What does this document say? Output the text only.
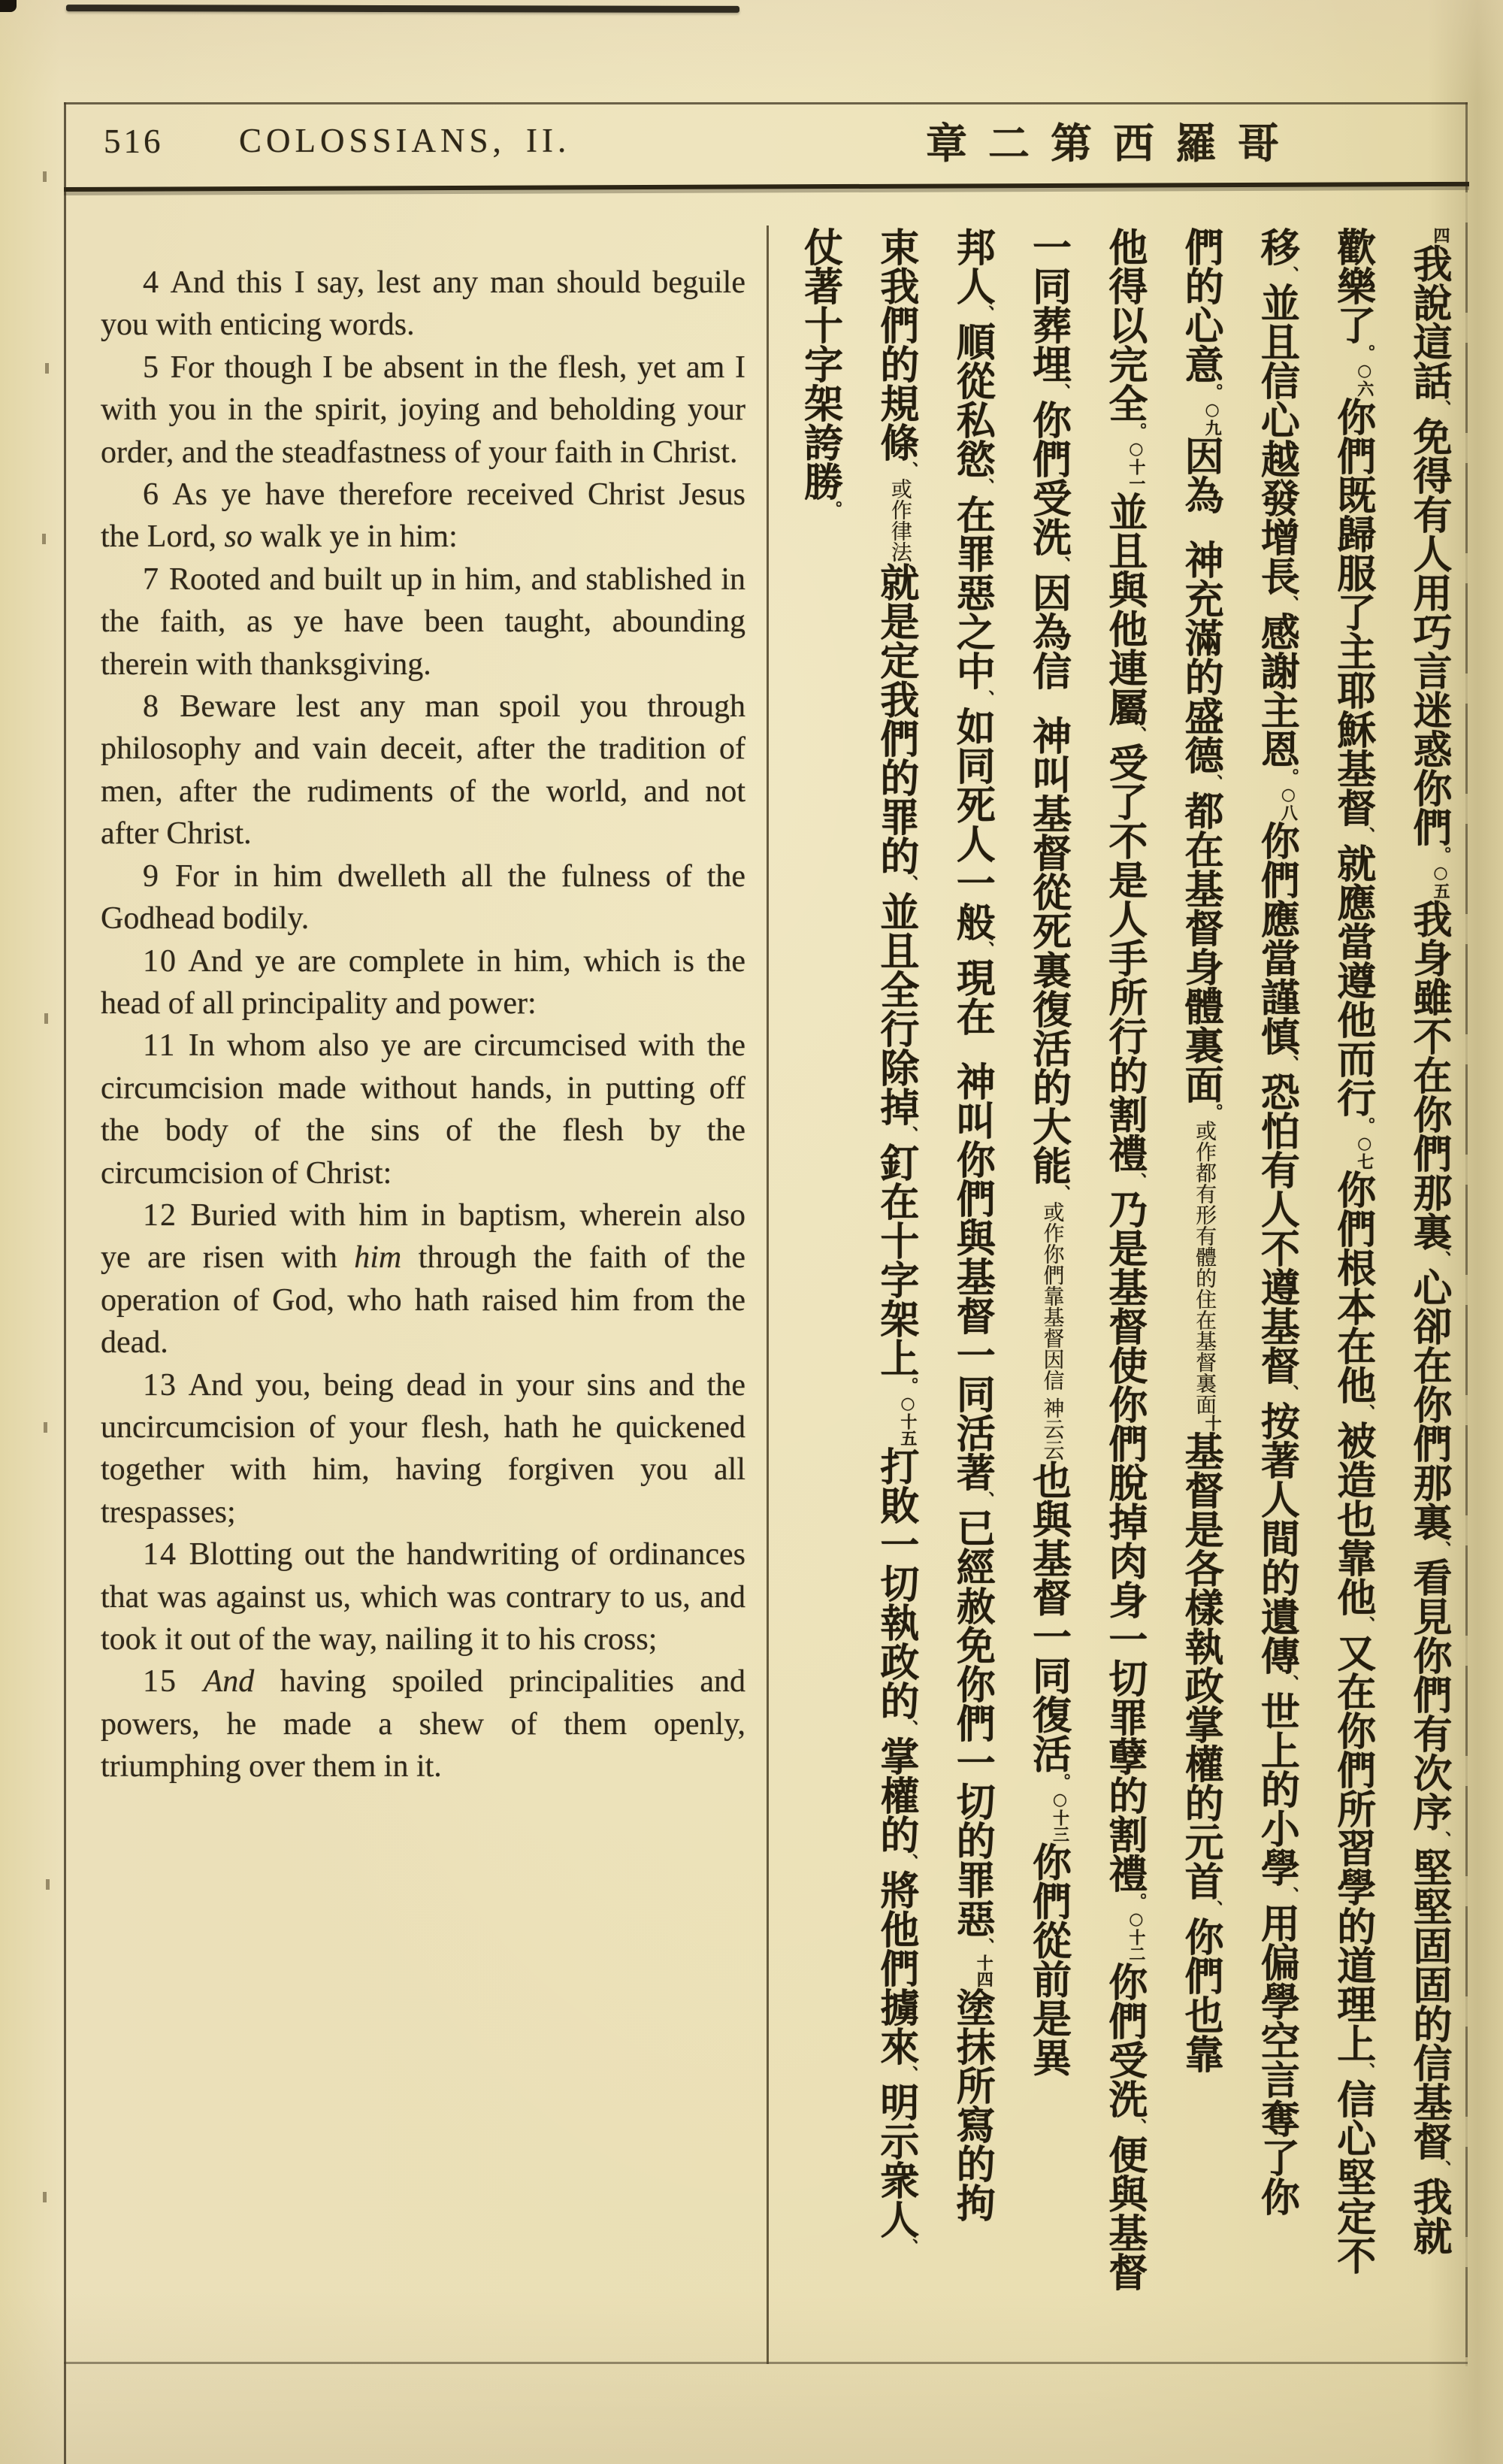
516 COLOSSIANS, II.	章二第西羅哥

4 And this I say, lest any man should beguile you with enticing words.

5 For though I be absent in the flesh, yet am I with you in the spirit, joying and beholding your order, and the steadfastness of your faith in Christ.

6 As ye have therefore received Christ Jesus the Lord, so walk ye in him:

7 Rooted and built up in him, and stablished in the faith, as ye have been taught, abounding therein with thanksgiving.

8 Beware lest any man spoil you through philosophy and vain deceit, after the tradition of men, after the rudiments of the world, and not after Christ.

9 For in him dwelleth all the fulness of the Godhead bodily.

10 And ye are complete in him, which is the head of all principality and power:

11 In whom also ye are circumcised with the circumcision made without hands, in putting off the body of the sins of the flesh by the circumcision of Christ:

12 Buried with him in baptism, wherein also ye are risen with him through the faith of the operation of God, who hath raised him from the dead.

13 And you, being dead in your sins and the uncircumcision of your flesh, hath he quickened together with him, having forgiven you all trespasses;

14 Blotting out the handwriting of ordinances that was against us, which was contrary to us, and took it out of the way, nailing it to his cross;

15 And having spoiled principalities and powers, he made a shew of them openly, triumphing over them in it.

四我說這話、免得有人用巧言迷惑你們。○五我身雖不在你們那裏、心卻在你們那裏、看見你們有次序、堅堅固固的信基督、我就
歡樂了。○六你們既歸服了主耶穌基督、就應當遵他而行。○七你們根本在他、被造也靠他、又在你們所習學的道理上、信心堅定不
移、並且信心越發增長、感謝主恩。○八你們應當謹慎、恐怕有人不遵基督、按著人間的遺傳、世上的小學、用偏學空言奪了你
們的心意。○九因為神充滿的盛德、都在基督身體裏面。或作都有形有體的住在基督裏面十基督是各樣執政掌權的元首、你們也靠
他得以完全。○十一並且與他連屬、受了不是人手所行的割禮、乃是基督使你們脫掉肉身一切罪孽的割禮。○十二你們受洗、便與基督
一同葬埋、你們受洗、因為信神叫基督從死裏復活的大能、或作你們靠基督因信 神云云也與基督一同復活。○十三你們從前是異
邦人、順從私慾、在罪惡之中、如同死人一般、現在神叫你們與基督一同活著、已經赦免你們一切的罪惡、十四塗抹所寫的拘
束我們的規條、或作律法就是定我們的罪的、並且全行除掉、釘在十字架上。○十五打敗一切執政的、掌權的、將他們擄來、明示衆人、
仗著十字架誇勝。
